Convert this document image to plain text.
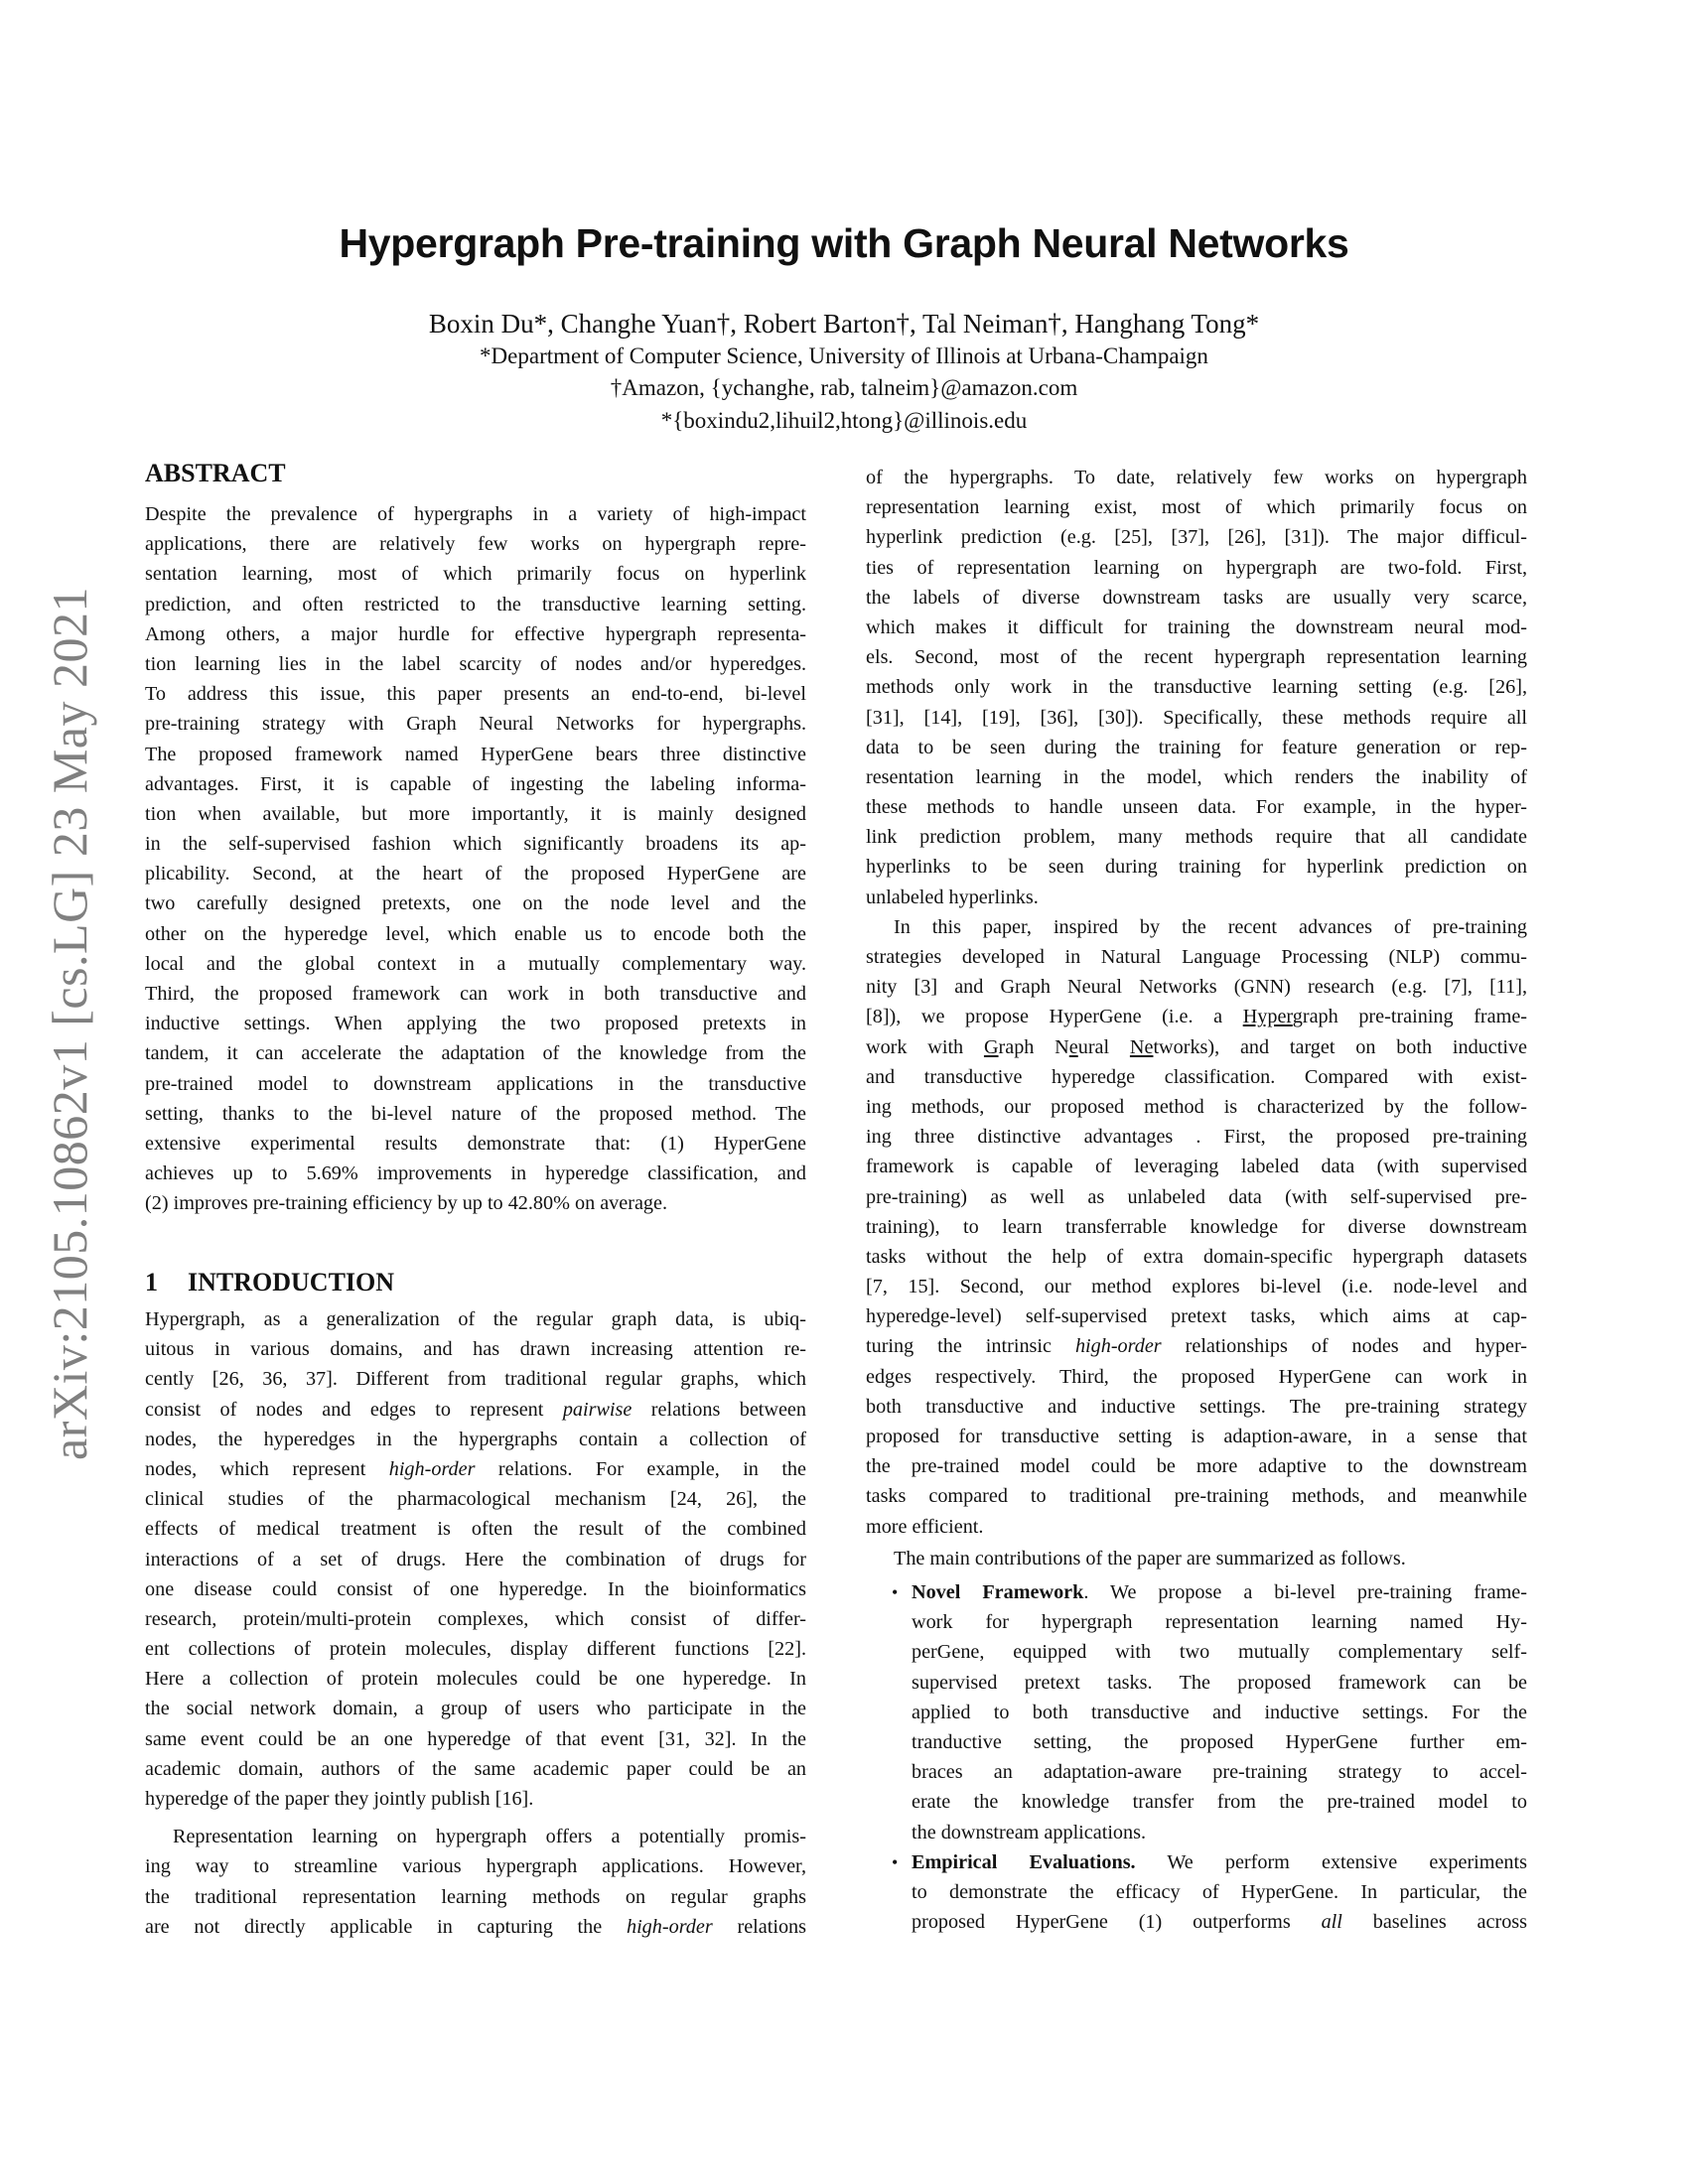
arXiv:2105.10862v1 [cs.LG] 23 May 2021
Hypergraph Pre-training with Graph Neural Networks
Boxin Du*, Changhe Yuan†, Robert Barton†, Tal Neiman†, Hanghang Tong*
*Department of Computer Science, University of Illinois at Urbana-Champaign
†Amazon, {ychanghe, rab, talneim}@amazon.com
*{boxindu2,lihuil2,htong}@illinois.edu
ABSTRACT
Despite the prevalence of hypergraphs in a variety of high-impact
applications, there are relatively few works on hypergraph repre-
sentation learning, most of which primarily focus on hyperlink
prediction, and often restricted to the transductive learning setting.
Among others, a major hurdle for effective hypergraph representa-
tion learning lies in the label scarcity of nodes and/or hyperedges.
To address this issue, this paper presents an end-to-end, bi-level
pre-training strategy with Graph Neural Networks for hypergraphs.
The proposed framework named HyperGene bears three distinctive
advantages. First, it is capable of ingesting the labeling informa-
tion when available, but more importantly, it is mainly designed
in the self-supervised fashion which significantly broadens its ap-
plicability. Second, at the heart of the proposed HyperGene are
two carefully designed pretexts, one on the node level and the
other on the hyperedge level, which enable us to encode both the
local and the global context in a mutually complementary way.
Third, the proposed framework can work in both transductive and
inductive settings. When applying the two proposed pretexts in
tandem, it can accelerate the adaptation of the knowledge from the
pre-trained model to downstream applications in the transductive
setting, thanks to the bi-level nature of the proposed method. The
extensive experimental results demonstrate that: (1) HyperGene
achieves up to 5.69% improvements in hyperedge classification, and
(2) improves pre-training efficiency by up to 42.80% on average.
1 INTRODUCTION
Hypergraph, as a generalization of the regular graph data, is ubiq-
uitous in various domains, and has drawn increasing attention re-
cently [26, 36, 37]. Different from traditional regular graphs, which
consist of nodes and edges to represent pairwise relations between
nodes, the hyperedges in the hypergraphs contain a collection of
nodes, which represent high-order relations. For example, in the
clinical studies of the pharmacological mechanism [24, 26], the
effects of medical treatment is often the result of the combined
interactions of a set of drugs. Here the combination of drugs for
one disease could consist of one hyperedge. In the bioinformatics
research, protein/multi-protein complexes, which consist of differ-
ent collections of protein molecules, display different functions [22].
Here a collection of protein molecules could be one hyperedge. In
the social network domain, a group of users who participate in the
same event could be an one hyperedge of that event [31, 32]. In the
academic domain, authors of the same academic paper could be an
hyperedge of the paper they jointly publish [16].
Representation learning on hypergraph offers a potentially promis-
ing way to streamline various hypergraph applications. However,
the traditional representation learning methods on regular graphs
are not directly applicable in capturing the high-order relations
of the hypergraphs. To date, relatively few works on hypergraph
representation learning exist, most of which primarily focus on
hyperlink prediction (e.g. [25], [37], [26], [31]). The major difficul-
ties of representation learning on hypergraph are two-fold. First,
the labels of diverse downstream tasks are usually very scarce,
which makes it difficult for training the downstream neural mod-
els. Second, most of the recent hypergraph representation learning
methods only work in the transductive learning setting (e.g. [26],
[31], [14], [19], [36], [30]). Specifically, these methods require all
data to be seen during the training for feature generation or rep-
resentation learning in the model, which renders the inability of
these methods to handle unseen data. For example, in the hyper-
link prediction problem, many methods require that all candidate
hyperlinks to be seen during training for hyperlink prediction on
unlabeled hyperlinks.
In this paper, inspired by the recent advances of pre-training
strategies developed in Natural Language Processing (NLP) commu-
nity [3] and Graph Neural Networks (GNN) research (e.g. [7], [11],
[8]), we propose HyperGene (i.e. a Hypergraph pre-training frame-
work with Graph Neural Networks), and target on both inductive
and transductive hyperedge classification. Compared with exist-
ing methods, our proposed method is characterized by the follow-
ing three distinctive advantages . First, the proposed pre-training
framework is capable of leveraging labeled data (with supervised
pre-training) as well as unlabeled data (with self-supervised pre-
training), to learn transferrable knowledge for diverse downstream
tasks without the help of extra domain-specific hypergraph datasets
[7, 15]. Second, our method explores bi-level (i.e. node-level and
hyperedge-level) self-supervised pretext tasks, which aims at cap-
turing the intrinsic high-order relationships of nodes and hyper-
edges respectively. Third, the proposed HyperGene can work in
both transductive and inductive settings. The pre-training strategy
proposed for transductive setting is adaption-aware, in a sense that
the pre-trained model could be more adaptive to the downstream
tasks compared to traditional pre-training methods, and meanwhile
more efficient.
The main contributions of the paper are summarized as follows.
• Novel Framework. We propose a bi-level pre-training frame-
work for hypergraph representation learning named Hy-
perGene, equipped with two mutually complementary self-
supervised pretext tasks. The proposed framework can be
applied to both transductive and inductive settings. For the
tranductive setting, the proposed HyperGene further em-
braces an adaptation-aware pre-training strategy to accel-
erate the knowledge transfer from the pre-trained model to
the downstream applications.
• Empirical Evaluations. We perform extensive experiments
to demonstrate the efficacy of HyperGene. In particular, the
proposed HyperGene (1) outperforms all baselines across
